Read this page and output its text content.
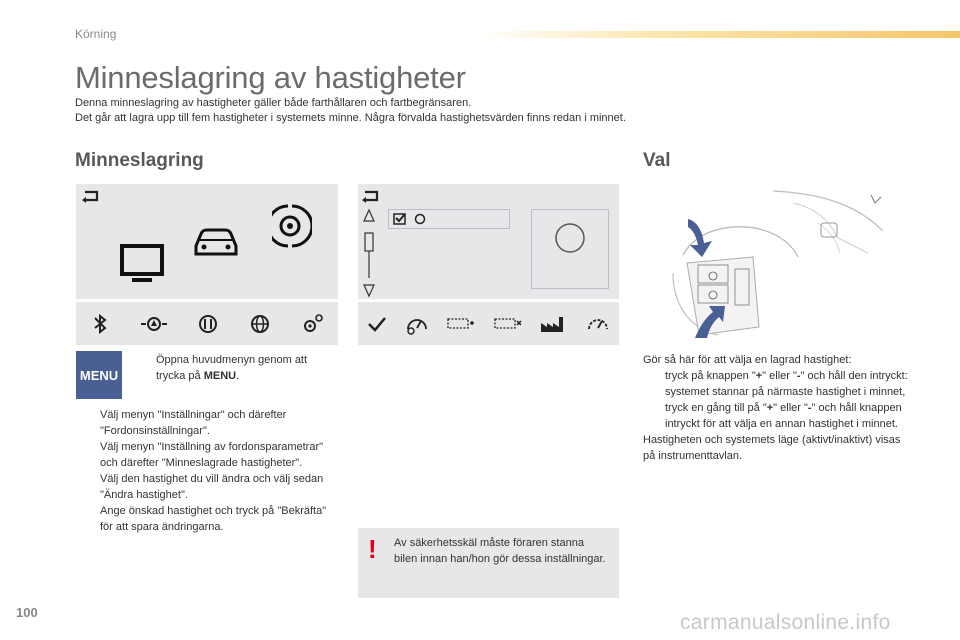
Körning
Minneslagring av hastigheter
Denna minneslagring av hastigheter gäller både farthållaren och fartbegränsaren.
Det går att lagra upp till fem hastigheter i systemets minne. Några förvalda hastighetsvärden finns redan i minnet.
Minneslagring	Val
MENU
Öppna huvudmenyn genom att trycka på MENU.
Välj menyn "Inställningar" och därefter "Fordonsinställningar".
Välj menyn "Inställning av fordonsparametrar" och därefter "Minneslagrade hastigheter".
Välj den hastighet du vill ändra och välj sedan "Ändra hastighet".
Ange önskad hastighet och tryck på "Bekräfta" för att spara ändringarna.
! Av säkerhetsskäl måste föraren stanna bilen innan han/hon gör dessa inställningar.
Gör så här för att välja en lagrad hastighet:
tryck på knappen "+" eller "-" och håll den intryckt: systemet stannar på närmaste hastighet i minnet,
tryck en gång till på "+" eller "-" och håll knappen intryckt för att välja en annan hastighet i minnet.
Hastigheten och systemets läge (aktivt/inaktivt) visas på instrumenttavlan.
100	carmanualsonline.info
